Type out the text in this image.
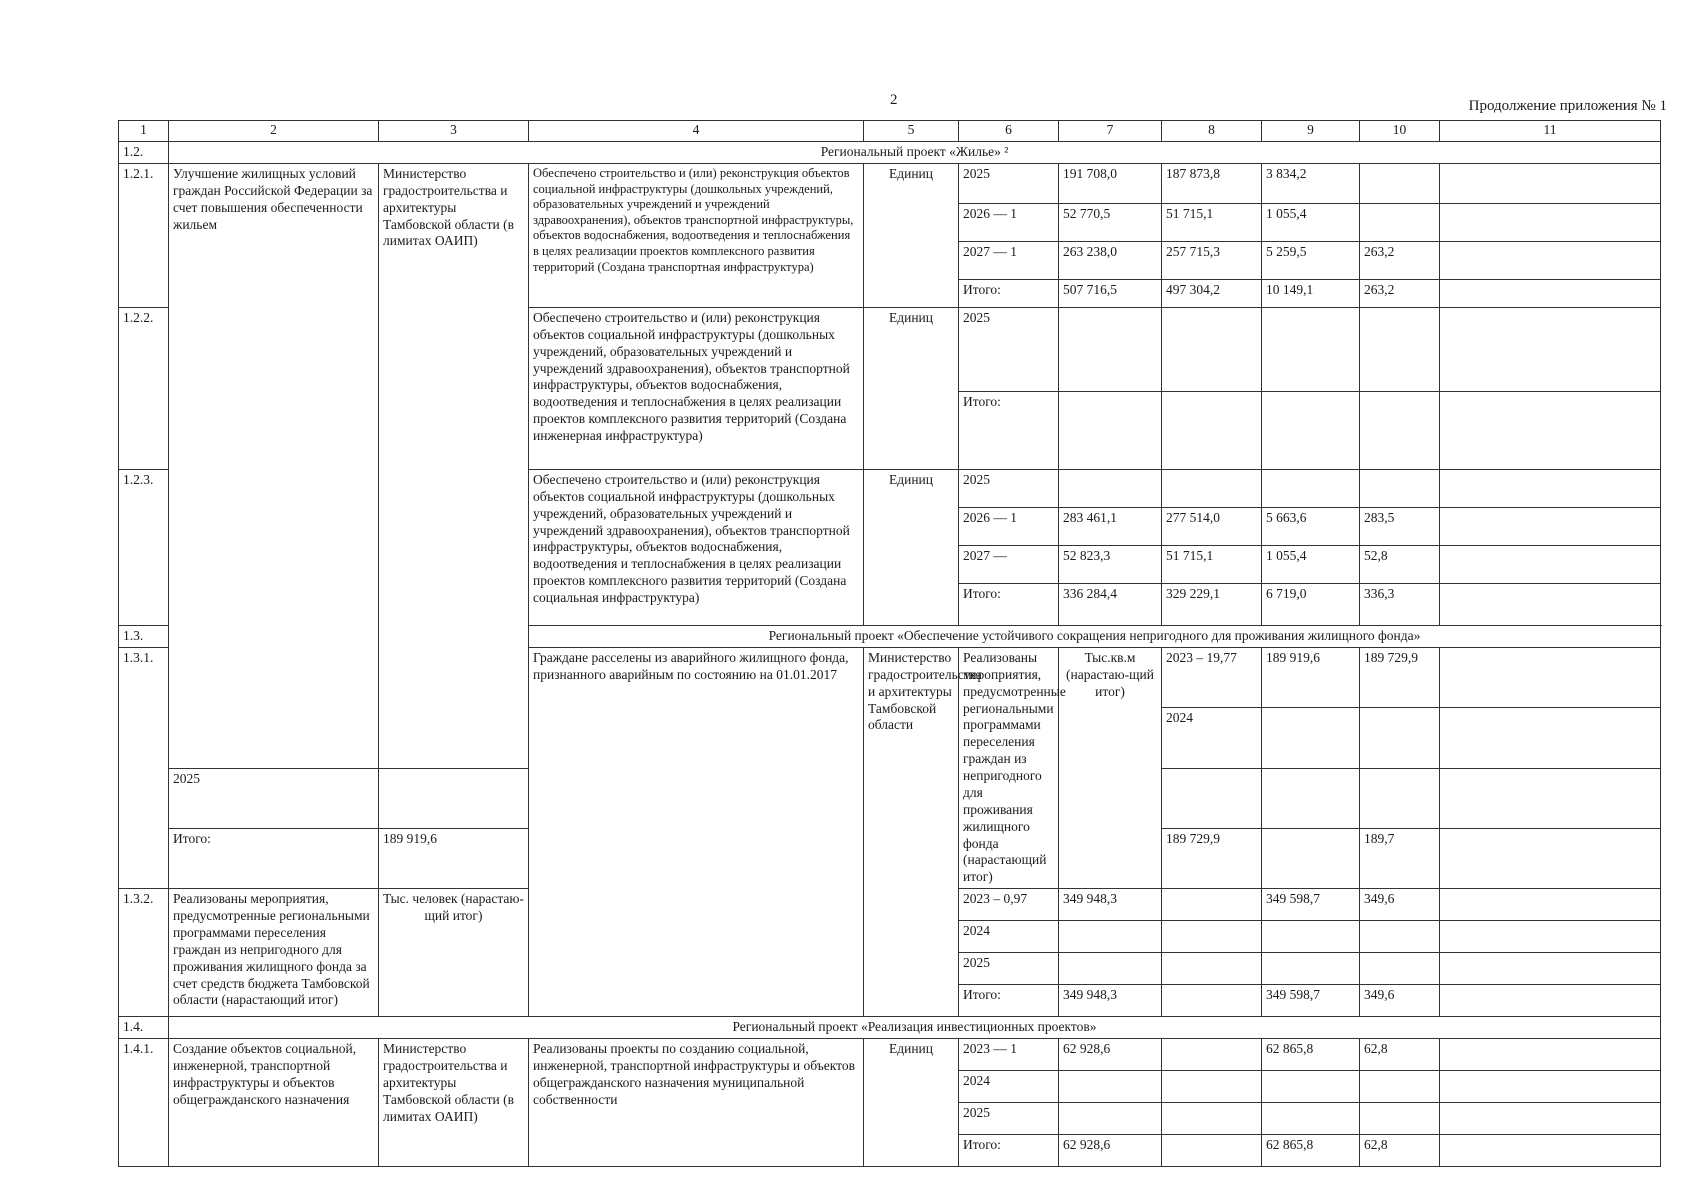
2	Продолжение приложения № 1
1	2	3	4	5	6	7	8	9	10	11	
1.2.	Региональный проект «Жилье» ²										
1.2.1.	Улучшение жилищных условий граждан Российской Федерации за счет повышения обеспеченности жильем	Министерство градостроительства и архитектуры Тамбовской области (в лимитах ОАИП)	Обеспечено строительство и (или) реконструкция объектов социальной инфраструктуры (дошкольных учреждений, образовательных учреждений и учреждений здравоохранения), объектов транспортной инфраструктуры, объектов водоснабжения, водоотведения и теплоснабжения в целях реализации проектов комплексного развития территорий (Создана транспортная инфраструктура)	Единиц	2025	191 708,0	187 873,8	3 834,2			
					2026 — 1	52 770,5	51 715,1	1 055,4			
					2027 — 1	263 238,0	257 715,3	5 259,5	263,2		
					Итого:	507 716,5	497 304,2	10 149,1	263,2		
1.2.2.			Обеспечено строительство и (или) реконструкция объектов социальной инфраструктуры (дошкольных учреждений, образовательных учреждений и учреждений здравоохранения), объектов транспортной инфраструктуры, объектов водоснабжения, водоотведения и теплоснабжения в целях реализации проектов комплексного развития территорий (Создана инженерная инфраструктура)	Единиц	2025						
					Итого:						
1.2.3.			Обеспечено строительство и (или) реконструкция объектов социальной инфраструктуры (дошкольных учреждений, образовательных учреждений и учреждений здравоохранения), объектов транспортной инфраструктуры, объектов водоснабжения, водоотведения и теплоснабжения в целях реализации проектов комплексного развития территорий (Создана социальная инфраструктура)	Единиц	2025						
					2026 — 1	283 461,1	277 514,0	5 663,6	283,5		
					2027 —	52 823,3	51 715,1	1 055,4	52,8		
					Итого:	336 284,4	329 229,1	6 719,0	336,3		
1.3.			Региональный проект «Обеспечение устойчивого сокращения непригодного для проживания жилищного фонда»								
1.3.1.			Граждане расселены из аварийного жилищного фонда, признанного аварийным по состоянию на 01.01.2017	Министерство градостроительства и архитектуры Тамбовской области	Реализованы мероприятия, предусмотренные региональными программами переселения граждан из непригодного для проживания жилищного фонда (нарастающий итог)	Тыс.кв.м (нарастаю-щий итог)	2023 – 19,77	189 919,6	189 729,9			
							2024					
	2025										
	Итого:	189 919,6					189 729,9		189,7		
1.3.2.	Реализованы мероприятия, предусмотренные региональными программами переселения граждан из непригодного для проживания жилищного фонда за счет средств бюджета Тамбовской области (нарастающий итог)	Тыс. человек (нарастаю-щий итог)			2023 – 0,97	349 948,3		349 598,7	349,6		
					2024						
					2025						
					Итого:	349 948,3		349 598,7	349,6		
1.4.	Региональный проект «Реализация инвестиционных проектов»										
1.4.1.	Создание объектов социальной, инженерной, транспортной инфраструктуры и объектов общегражданского назначения	Министерство градостроительства и архитектуры Тамбовской области (в лимитах ОАИП)	Реализованы проекты по созданию социальной, инженерной, транспортной инфраструктуры и объектов общегражданского назначения муниципальной собственности	Единиц	2023 — 1	62 928,6		62 865,8	62,8		
					2024						
					2025						
					Итого:	62 928,6		62 865,8	62,8		
